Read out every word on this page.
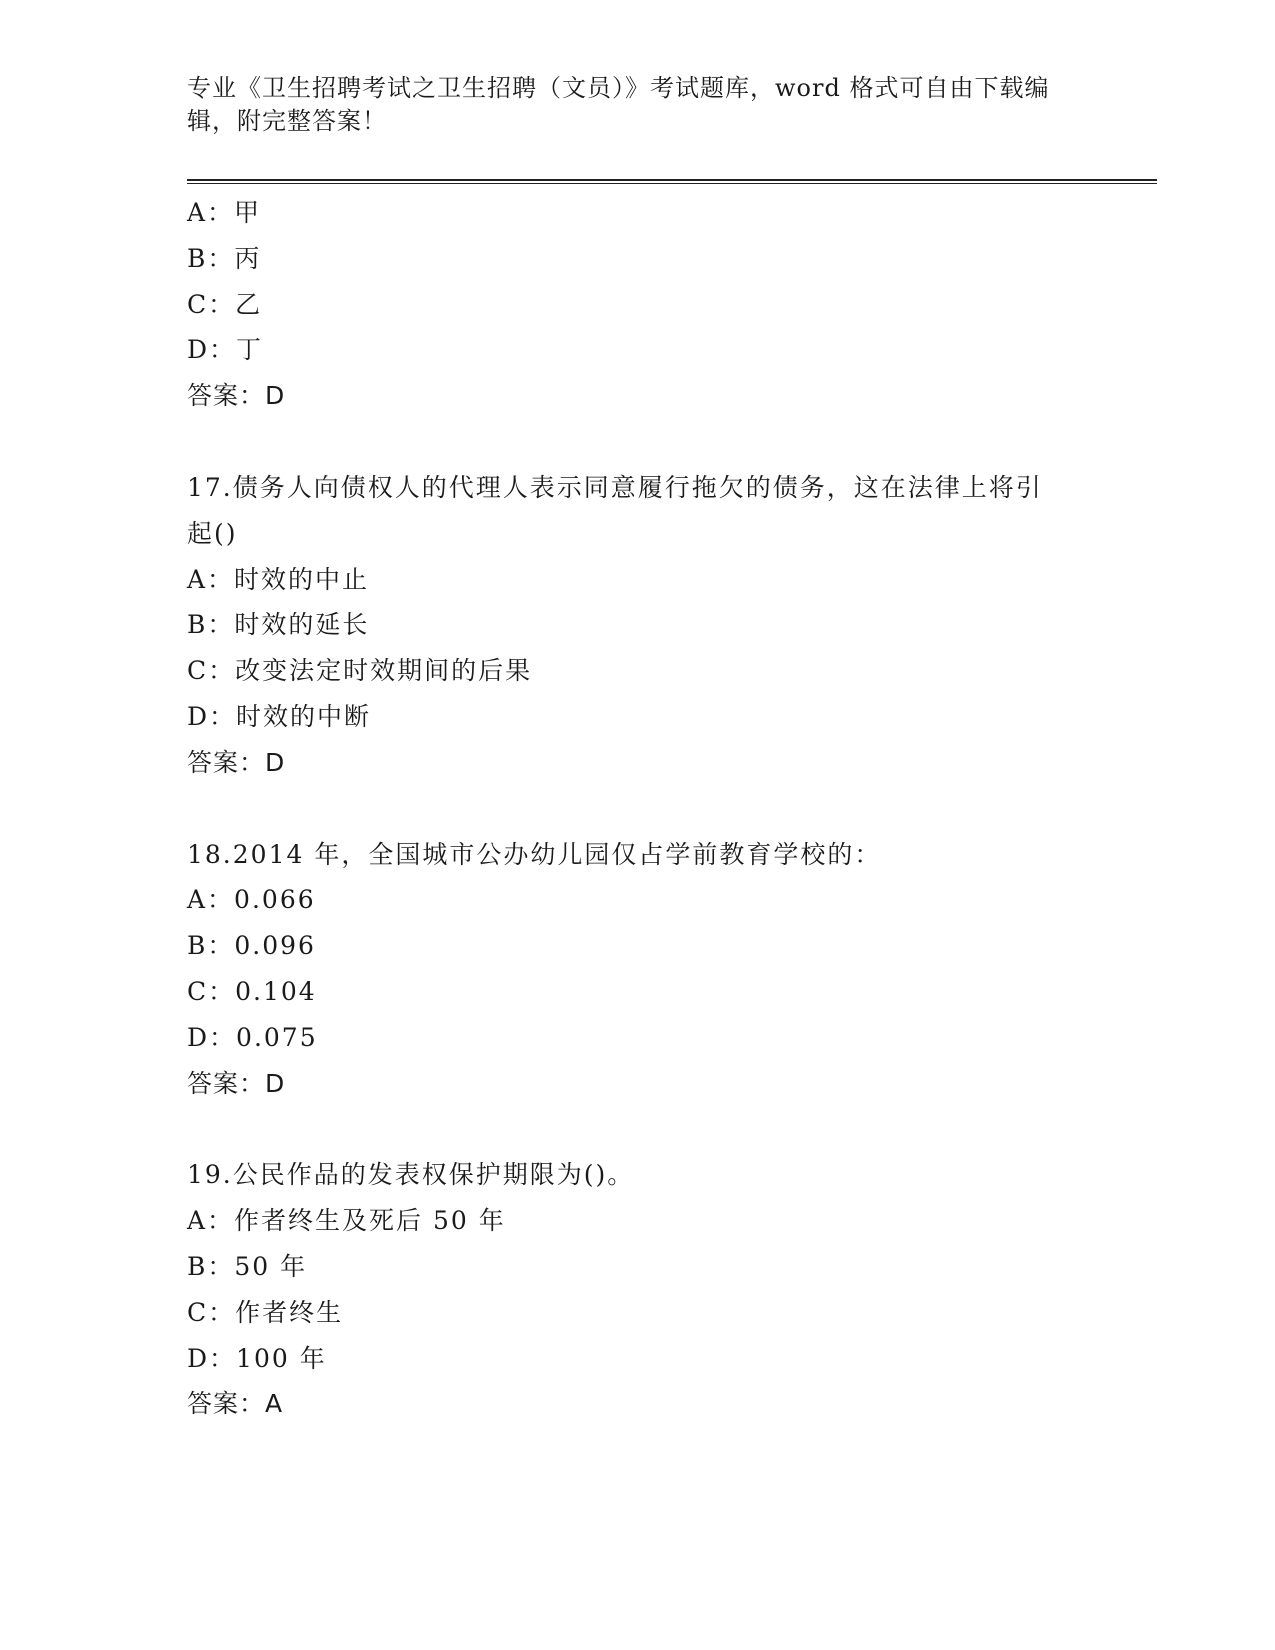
专业《卫生招聘考试之卫生招聘（文员）》考试题库，word 格式可自由下载编辑，附完整答案！

A：甲
B：丙
C：乙
D：丁
答案：D
17.债务人向债权人的代理人表示同意履行拖欠的债务，这在法律上将引起()
A：时效的中止
B：时效的延长
C：改变法定时效期间的后果
D：时效的中断
答案：D
18.2014 年，全国城市公办幼儿园仅占学前教育学校的：
A：0.066
B：0.096
C：0.104
D：0.075
答案：D
19.公民作品的发表权保护期限为()。
A：作者终生及死后 50 年
B：50 年
C：作者终生
D：100 年
答案：A
